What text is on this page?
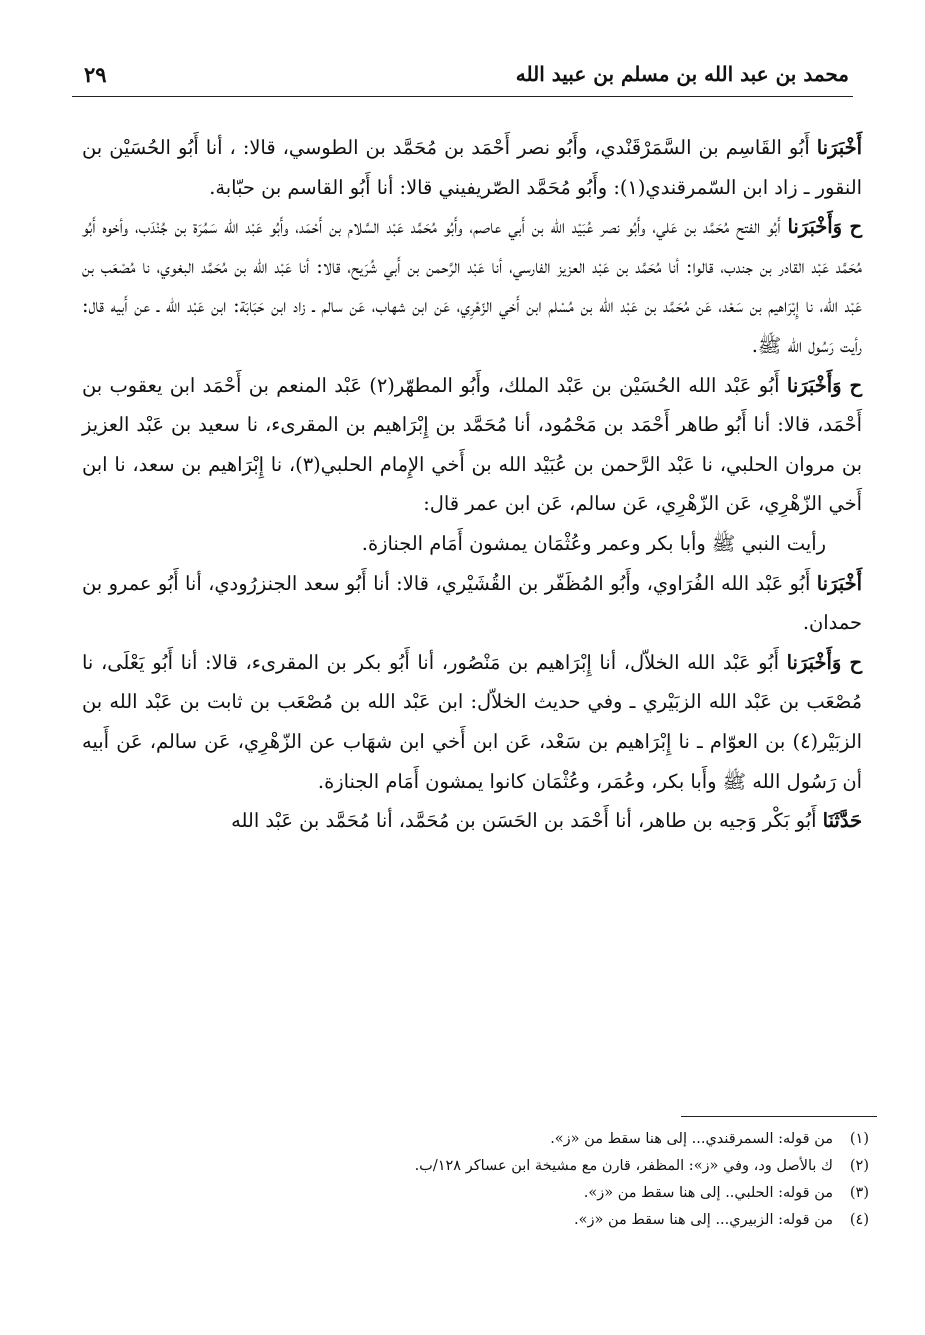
٢٩	محمد بن عبد الله بن مسلم بن عبيد الله

أَخْبَرَنا أَبُو القَاسِم بن السَّمَرْقَنْدي، وأَبُو نصر أَحْمَد بن مُحَمَّد بن الطوسي، قالا: ، أنا أَبُو الحُسَيْن بن النقور ـ زاد ابن السّمرقندي(١): وأَبُو مُحَمَّد الصّريفيني قالا: أنا أَبُو القاسم بن حبّابة.

ح وَأَخْبَرَنا أَبُو الفتح مُحَمَّد بن عَلي، وأَبُو نصر عُبَيْد الله بن أَبي عاصم، وأَبُو مُحَمَّد عَبْد السَّلام بن أَحْمَد، وأَبُو عَبْد الله سَمُرَة بن جُنْدَب، وأخوه أَبُو مُحَمَّد عَبْد القادر بن جندب، قالوا: أنا مُحَمَّد بن عَبْد العزيز الفارسي، أنا عَبْد الرَّحمن بن أَبي شُرَيح، قالا: أنا عَبْد الله بن مُحَمَّد البغوي، نا مُصْعَب بن عَبْد الله، نا إِبْرَاهيم بن سَعْد، عَن مُحَمَّد بن عَبْد الله بن مُسْلم ابن أَخي الزّهْرِي، عَن ابن شهاب، عَن سالم ـ زاد ابن حَبَابَة: ابن عَبْد الله ـ عن أَبيه قال: رأيت رَسُول الله ﷺ.

ح وَأَخْبَرَنا أَبُو عَبْد الله الحُسَيْن بن عَبْد الملك، وأَبُو المطهّر(٢) عَبْد المنعم بن أَحْمَد ابن يعقوب بن أَحْمَد، قالا: أنا أَبُو طاهر أَحْمَد بن مَحْمُود، أنا مُحَمَّد بن إِبْرَاهيم بن المقرىء، نا سعيد بن عَبْد العزيز بن مروان الحلبي، نا عَبْد الرَّحمن بن عُبَيْد الله بن أَخي الإِمام الحلبي(٣)، نا إِبْرَاهيم بن سعد، نا ابن أَخي الزّهْرِي، عَن الزّهْرِي، عَن سالم، عَن ابن عمر قال:

رأيت النبي ﷺ وأبا بكر وعمر وعُثْمَان يمشون أَمَام الجنازة.

أَخْبَرَنا أَبُو عَبْد الله الفُرَاوي، وأَبُو المُظَفّر بن القُشَيْري، قالا: أنا أَبُو سعد الجنزرُودي، أنا أَبُو عمرو بن حمدان.

ح وَأَخْبَرَنا أَبُو عَبْد الله الخلاّل، أنا إِبْرَاهيم بن مَنْصُور، أنا أَبُو بكر بن المقرىء، قالا: أنا أَبُو يَعْلَى، نا مُصْعَب بن عَبْد الله الزبَيْري ـ وفي حديث الخلاّل: ابن عَبْد الله بن مُصْعَب بن ثابت بن عَبْد الله بن الزبَيْر(٤) بن العوّام ـ نا إِبْرَاهيم بن سَعْد، عَن ابن أَخي ابن شهَاب عن الزّهْرِي، عَن سالم، عَن أَبيه أن رَسُول الله ﷺ وأَبا بكر، وعُمَر، وعُثْمَان كانوا يمشون أَمَام الجنازة.

حَدَّثَنَا أَبُو بَكْر وَجيه بن طاهر، أنا أَحْمَد بن الحَسَن بن مُحَمَّد، أنا مُحَمَّد بن عَبْد الله

(١)من قوله: السمرقندي... إلى هنا سقط من «ز».

(٢)ك بالأصل ود، وفي «ز»: المظفر، قارن مع مشيخة ابن عساكر ١٢٨/ب.

(٣)من قوله: الحلبي.. إلى هنا سقط من «ز».

(٤)من قوله: الزبيري... إلى هنا سقط من «ز».
